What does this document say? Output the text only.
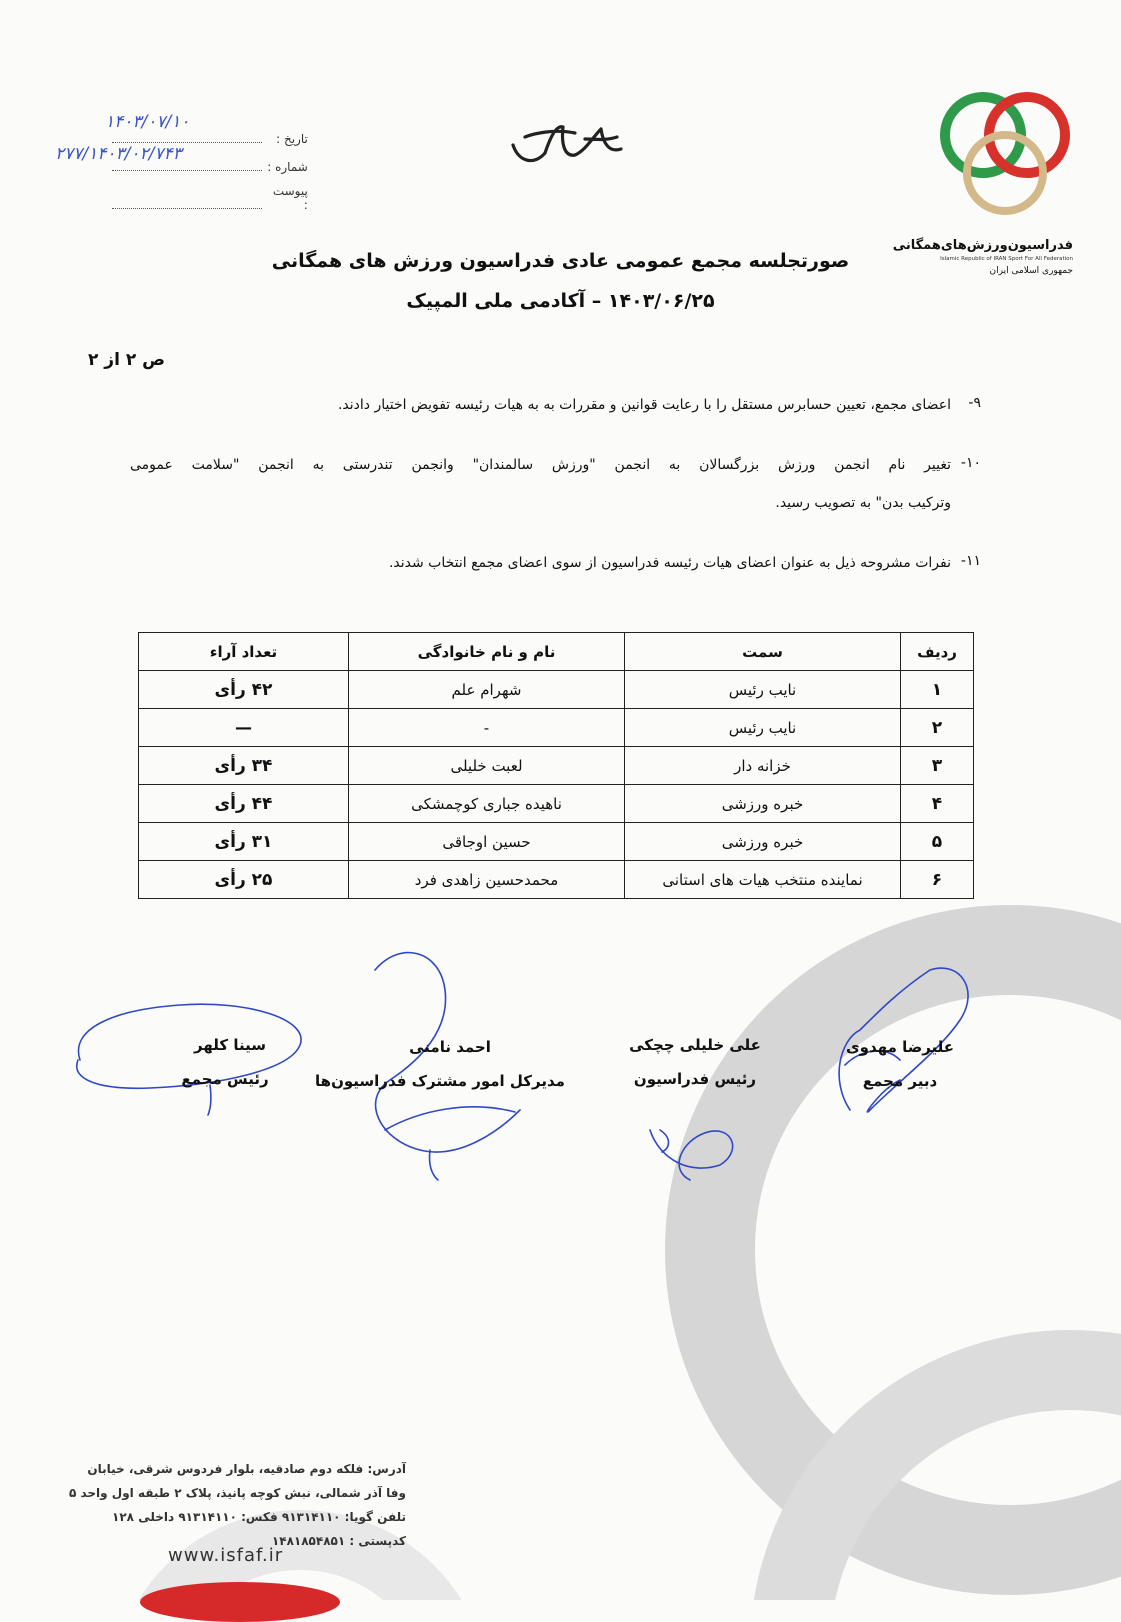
فدراسیون‌ورزش‌های‌همگانی
Islamic Republic of IRAN Sport For All Federation
جمهوری اسلامی ایران
تاریخ :
۱۴۰۳/۰۷/۱۰
شماره :
۲۷۷/۱۴۰۳/۰۲/۷۴۳
پیوست :
صورتجلسه مجمع عمومی عادی فدراسیون ورزش های همگانی
۱۴۰۳/۰۶/۲۵ – آکادمی ملی المپیک
ص ۲ از ۲
۹-
اعضای مجمع، تعیین حسابرس مستقل را با رعایت قوانین و مقررات به به هیات رئیسه تفویض اختیار دادند.
۱۰-
تغییر نام انجمن ورزش بزرگسالان به انجمن "ورزش سالمندان" وانجمن تندرستی به انجمن "سلامت عمومی
وترکیب بدن" به تصویب رسید.
۱۱-
نفرات مشروحه ذیل به عنوان اعضای هیات رئیسه فدراسیون از سوی اعضای مجمع انتخاب شدند.
ردیف	سمت	نام و نام خانوادگی	تعداد آراء
۱	نایب رئیس	شهرام علم	۴۲ رأی
۲	نایب رئیس	-	—
۳	خزانه دار	لعبت خلیلی	۳۴ رأی
۴	خبره ورزشی	ناهیده جباری کوچمشکی	۴۴ رأی
۵	خبره ورزشی	حسین اوجاقی	۳۱ رأی
۶	نماینده منتخب هیات های استانی	محمدحسین زاهدی فرد	۲۵ رأی
علیرضا مهدوی
دبیر مجمع
علی خلیلی چچکی
رئیس فدراسیون
احمد نامنی
مدیرکل امور مشترک فدراسیون‌ها
سینا کلهر
رئیس مجمع
آدرس: فلکه دوم صادقیه، بلوار فردوس شرقی، خیابان
وفا آذر شمالی، نبش کوچه پانیذ، پلاک ۲ طبقه اول واحد ۵
تلفن گویا: ۹۱۳۱۴۱۱۰ فکس: ۹۱۳۱۴۱۱۰ داخلی ۱۲۸
کدپستی : ۱۴۸۱۸۵۴۸۵۱
www.isfaf.ir
